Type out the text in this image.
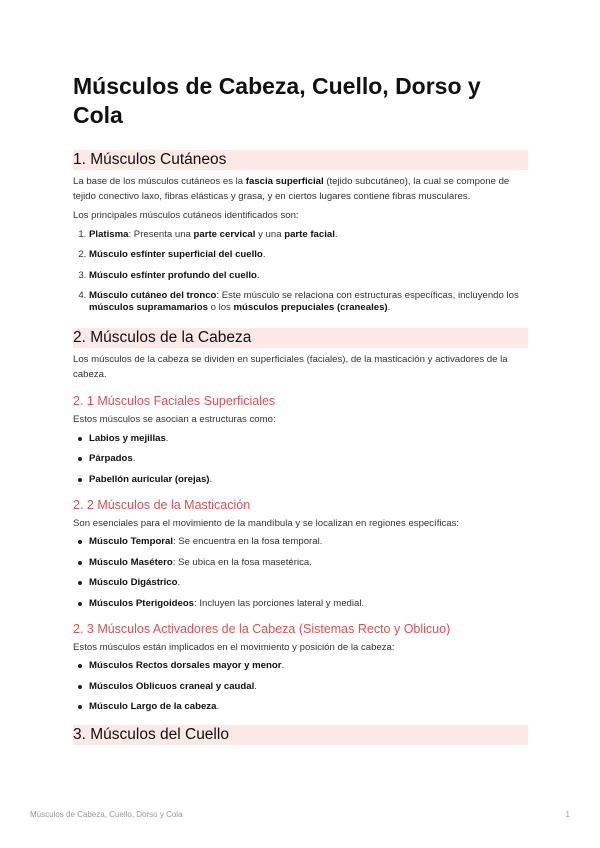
Músculos de Cabeza, Cuello, Dorso y Cola
1. Músculos Cutáneos

La base de los músculos cutáneos es la fascia superficial (tejido subcutáneo), la cual se compone de tejido conectivo laxo, fibras elásticas y grasa, y en ciertos lugares contiene fibras musculares.

Los principales músculos cutáneos identificados son:

1. Platisma: Presenta una parte cervical y una parte facial.
2. Músculo esfínter superficial del cuello.
3. Músculo esfínter profundo del cuello.
4. Músculo cutáneo del tronco: Este músculo se relaciona con estructuras específicas, incluyendo los músculos supramamarios o los músculos prepuciales (craneales).
2. Músculos de la Cabeza

Los músculos de la cabeza se dividen en superficiales (faciales), de la masticación y activadores de la cabeza.

2. 1 Músculos Faciales Superficiales

Estos músculos se asocian a estructuras como:

Labios y mejillas.
Párpados.
Pabellón auricular (orejas).
2. 2 Músculos de la Masticación

Son esenciales para el movimiento de la mandíbula y se localizan en regiones específicas:

Músculo Temporal: Se encuentra en la fosa temporal.
Músculo Masétero: Se ubica en la fosa masetérica.
Músculo Digástrico.
Músculos Pterigoideos: Incluyen las porciones lateral y medial.
2. 3 Músculos Activadores de la Cabeza (Sistemas Recto y Oblicuo)

Estos músculos están implicados en el movimiento y posición de la cabeza:

Músculos Rectos dorsales mayor y menor.
Músculos Oblicuos craneal y caudal.
Músculo Largo de la cabeza.
3. Músculos del Cuello
Músculos de Cabeza, Cuello, Dorso y Cola	1
